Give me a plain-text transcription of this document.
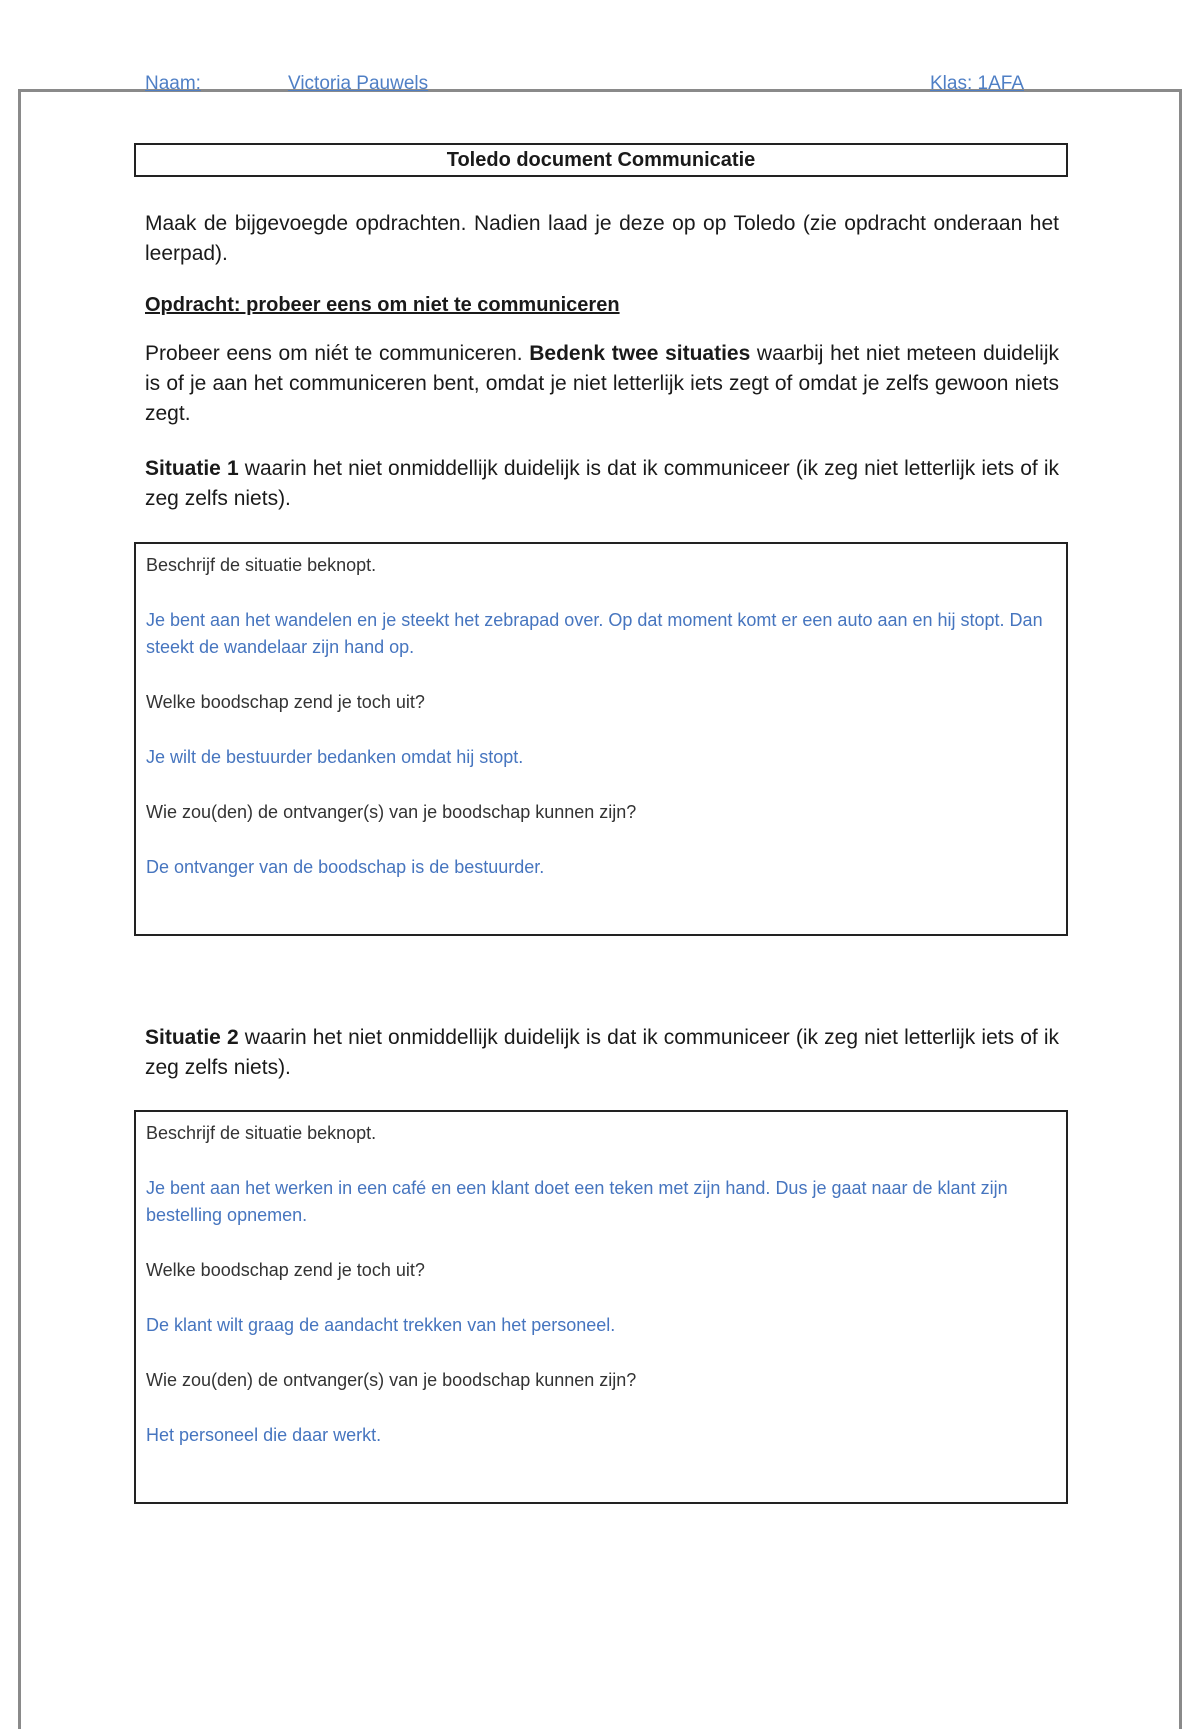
Naam:	Victoria Pauwels	Klas: 1AFA
Toledo document Communicatie
Maak de bijgevoegde opdrachten. Nadien laad je deze op op Toledo (zie opdracht onderaan het leerpad).
Opdracht: probeer eens om niet te communiceren
Probeer eens om niét te communiceren. Bedenk twee situaties waarbij het niet meteen duidelijk is of je aan het communiceren bent, omdat je niet letterlijk iets zegt of omdat je zelfs gewoon niets zegt.
Situatie 1 waarin het niet onmiddellijk duidelijk is dat ik communiceer (ik zeg niet letterlijk iets of ik zeg zelfs niets).

Beschrijf de situatie beknopt.

Je bent aan het wandelen en je steekt het zebrapad over. Op dat moment komt er een auto aan en hij stopt. Dan steekt de wandelaar zijn hand op.

Welke boodschap zend je toch uit?

Je wilt de bestuurder bedanken omdat hij stopt.

Wie zou(den) de ontvanger(s) van je boodschap kunnen zijn?

De ontvanger van de boodschap is de bestuurder.

Situatie 2 waarin het niet onmiddellijk duidelijk is dat ik communiceer (ik zeg niet letterlijk iets of ik zeg zelfs niets).

Beschrijf de situatie beknopt.

Je bent aan het werken in een café en een klant doet een teken met zijn hand. Dus je gaat naar de klant zijn bestelling opnemen.

Welke boodschap zend je toch uit?

De klant wilt graag de aandacht trekken van het personeel.

Wie zou(den) de ontvanger(s) van je boodschap kunnen zijn?

Het personeel die daar werkt.
